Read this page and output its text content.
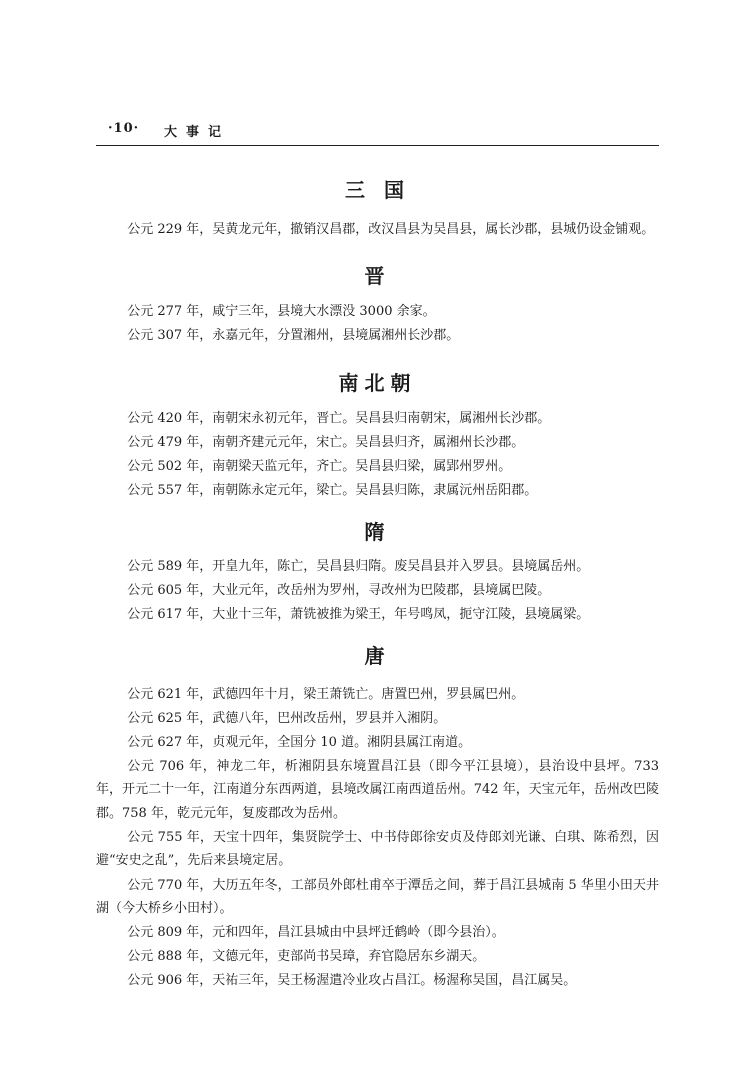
·10· 大事记
三 国
公元 229 年，吴黄龙元年，撤销汉昌郡，改汉昌县为吴昌县，属长沙郡，县城仍设金铺观。
晋
公元 277 年，咸宁三年，县境大水漂没 3000 余家。
公元 307 年，永嘉元年，分置湘州，县境属湘州长沙郡。
南北朝
公元 420 年，南朝宋永初元年，晋亡。吴昌县归南朝宋，属湘州长沙郡。
公元 479 年，南朝齐建元元年，宋亡。吴昌县归齐，属湘州长沙郡。
公元 502 年，南朝梁天监元年，齐亡。吴昌县归梁，属郢州罗州。
公元 557 年，南朝陈永定元年，梁亡。吴昌县归陈，隶属沅州岳阳郡。
隋
公元 589 年，开皇九年，陈亡，吴昌县归隋。废吴昌县并入罗县。县境属岳州。
公元 605 年，大业元年，改岳州为罗州，寻改州为巴陵郡，县境属巴陵。
公元 617 年，大业十三年，萧铣被推为梁王，年号鸣凤，扼守江陵，县境属梁。
唐
公元 621 年，武德四年十月，梁王萧铣亡。唐置巴州，罗县属巴州。
公元 625 年，武德八年，巴州改岳州，罗县并入湘阴。
公元 627 年，贞观元年，全国分 10 道。湘阴县属江南道。
公元 706 年，神龙二年，析湘阴县东境置昌江县（即今平江县境），县治设中县坪。733 年，开元二十一年，江南道分东西两道，县境改属江南西道岳州。742 年，天宝元年，岳州改巴陵郡。758 年，乾元元年，复废郡改为岳州。
公元 755 年，天宝十四年，集贤院学士、中书侍郎徐安贞及侍郎刘光谦、白琪、陈希烈，因避“安史之乱”，先后来县境定居。
公元 770 年，大历五年冬，工部员外郎杜甫卒于潭岳之间，葬于昌江县城南 5 华里小田天井湖（今大桥乡小田村）。
公元 809 年，元和四年，昌江县城由中县坪迁鹤岭（即今县治）。
公元 888 年，文德元年，吏部尚书吴璋，弃官隐居东乡湖天。
公元 906 年，天祐三年，吴王杨渥遣冷业攻占昌江。杨渥称吴国，昌江属吴。
